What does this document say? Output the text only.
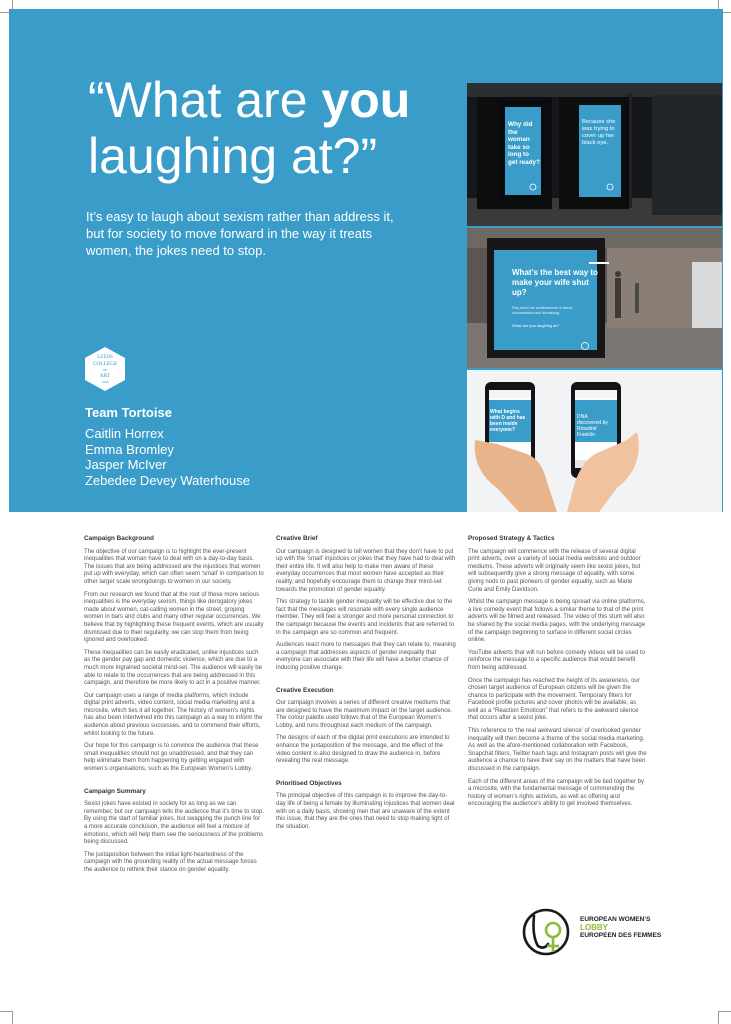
“What are you laughing at?”

It’s easy to laugh about sexism rather than address it, but for society to move forward in the way it treats women, the jokes need to stop.

LEEDS
COLLEGE
OF
ART
1846
Team Tortoise
Caitlin Horrex
Emma Bromley
Jasper McIver
Zebedee Devey Waterhouse
Why did the woman take so long to get ready?
Because she was trying to cover up her black eye.
What’s the best way to make your wife shut up?
Play down her achievements in dinner conversations and dismissing...
What are you laughing at?
What begins with D and has been inside everyone?
DNA discovered by Rosalind Franklin.
Campaign Background

The objective of our campaign is to highlight the ever-present inequalities that woman have to deal with on a day-to-day basis. The issues that are being addressed are the injustices that women put up with everyday, which can often seem ‘small’ in comparison to other larger scale wrongdoings to women in our society.

From our research we found that at the root of these more serious inequalities is the everyday sexism, things like derogatory jokes made about women, cat-calling women in the street, groping women in bars and clubs and many other regular occurrences. We believe that by highlighting these frequent events, which are usually dismissed due to their regularity, we can stop them from being ignored and overlooked.

These inequalities can be easily eradicated, unlike injustices such as the gender pay gap and domestic violence, which are due to a much more ingrained societal mind-set. The audience will easily be able to relate to the occurrences that are being addressed in this campaign, and therefore be more likely to act in a positive manner.

Our campaign uses a range of media platforms, which include digital print adverts, video content, social media marketing and a microsite, which ties it all together. The history of women’s rights has also been intertwined into this campaign as a way to inform the audience about previous successes, and to commend their efforts, whilst looking to the future.

Our hope for this campaign is to convince the audience that these small inequalities should not go unaddressed, and that they can help eliminate them from happening by getting engaged with women’s organisations, such as the European Women’s Lobby.

Campaign Summary

Sexist jokes have existed in society for as long as we can remember, but our campaign tells the audience that it’s time to stop. By using the start of familiar jokes, but swapping the punch line for a more accurate conclusion, the audience will feel a mixture of emotions, which will help them see the seriousness of the problems being discussed.

The juxtaposition between the initial light-heartedness of the campaign with the grounding reality of the actual message forces the audience to rethink their stance on gender equality.

Creative Brief

Our campaign is designed to tell women that they don’t have to put up with the ‘small’ injustices or jokes that they have had to deal with their entire life. It will also help to make men aware of these everyday occurrences that most women have accepted as their reality, and hopefully encourage them to change their mind-set towards the promotion of gender equality.

This strategy to tackle gender inequality will be effective due to the fact that the messages will resonate with every single audience member. They will feel a stronger and more personal connection to the campaign because the events and incidents that are referred to in the campaign are so common and frequent.

Audiences react more to messages that they can relate to, meaning a campaign that addresses aspects of gender inequality that everyone can associate with their life will have a better chance of inducing positive change.

Creative Execution

Our campaign involves a series of different creative mediums that are designed to have the maximum impact on the target audience. The colour palette used follows that of the European Women’s Lobby, and runs throughout each medium of the campaign.

The designs of each of the digital print executions are intended to enhance the juxtaposition of the message, and the effect of the video content is also designed to draw the audience in, before revealing the real message.

Prioritised Objectives

The principal objective of this campaign is to improve the day-to-day life of being a female by illuminating injustices that women deal with on a daily basis, showing men that are unaware of the extent this issue, that they are the ones that need to stop making light of the situation.

Proposed Strategy & Tactics

The campaign will commence with the release of several digital print adverts, over a variety of social media websites and outdoor mediums. These adverts will originally seem like sexist jokes, but will subsequently give a strong message of equality, with some giving nods to past pioneers of gender equality, such as Marie Curie and Emily Davidson.

Whilst the campaign message is being spread via online platforms, a live comedy event that follows a similar theme to that of the print adverts will be filmed and released. The video of this stunt will also be shared by the social media pages, with the underlying message of the campaign beginning to surface in different social circles online.

YouTube adverts that will run before comedy videos will be used to reinforce the message to a specific audience that would benefit from being addressed.

Once the campaign has reached the height of its awareness, our chosen target audience of European citizens will be given the chance to participate with the movement. Temporary filters for Facebook profile pictures and cover photos will be available, as well as a “Reaction Emoticon” that refers to the awkward silence that occurs after a sexist joke.

This reference to ‘the real awkward silence’ of overlooked gender inequality will then become a theme of the social media marketing. As well as the afore-mentioned collaboration with Facebook, Snapchat filters, Twitter hash tags and Instagram posts will give the audience a chance to have their say on the matters that have been discussed in the campaign.

Each of the different areas of the campaign will be tied together by a microsite, with the fundamental message of commending the history of women’s rights activists, as well as offering and encouraging the audience’s ability to get involved themselves.

EUROPEAN WOMEN’S
LOBBY
EUROPEEN DES FEMMES
